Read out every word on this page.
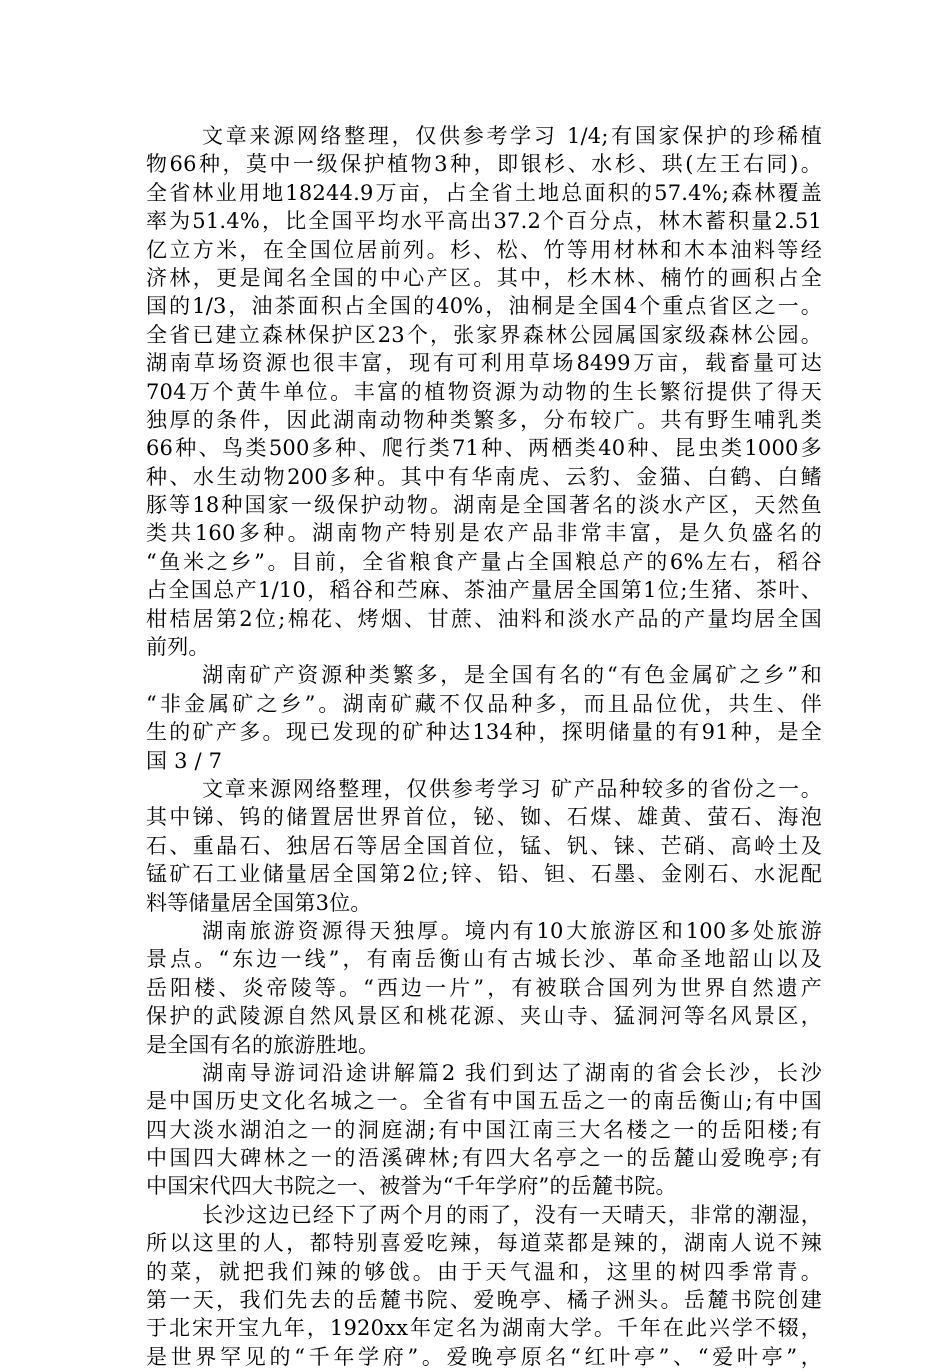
文章来源网络整理，仅供参考学习 1/4;有国家保护的珍稀植
物66种，莫中一级保护植物3种，即银杉、水杉、珙(左王右同)。
全省林业用地18244.9万亩，占全省土地总面积的57.4%;森林覆盖
率为51.4%，比全国平均水平高出37.2个百分点，林木蓄积量2.51
亿立方米，在全国位居前列。杉、松、竹等用材林和木本油料等经
济林，更是闻名全国的中心产区。其中，杉木林、楠竹的画积占全
国的1/3，油茶面积占全国的40%，油桐是全国4个重点省区之一。
全省已建立森林保护区23个，张家界森林公园属国家级森林公园。
湖南草场资源也很丰富，现有可利用草场8499万亩，载畜量可达
704万个黄牛单位。丰富的植物资源为动物的生长繁衍提供了得天
独厚的条件，因此湖南动物种类繁多，分布较广。共有野生哺乳类
66种、鸟类500多种、爬行类71种、两栖类40种、昆虫类1000多
种、水生动物200多种。其中有华南虎、云豹、金猫、白鹤、白鳍
豚等18种国家一级保护动物。湖南是全国著名的淡水产区，天然鱼
类共160多种。湖南物产特别是农产品非常丰富，是久负盛名的
“鱼米之乡”。目前，全省粮食产量占全国粮总产的6%左右，稻谷
占全国总产1/10，稻谷和苎麻、茶油产量居全国第1位;生猪、茶叶、
柑桔居第2位;棉花、烤烟、甘蔗、油料和淡水产品的产量均居全国
前列。
湖南矿产资源种类繁多，是全国有名的“有色金属矿之乡”和
“非金属矿之乡”。湖南矿藏不仅品种多，而且品位优，共生、伴
生的矿产多。现已发现的矿种达134种，探明储量的有91种，是全
国 3 / 7
文章来源网络整理，仅供参考学习 矿产品种较多的省份之一。
其中锑、钨的储置居世界首位，铋、铷、石煤、雄黄、萤石、海泡
石、重晶石、独居石等居全国首位，锰、钒、铼、芒硝、高岭土及
锰矿石工业储量居全国第2位;锌、铅、钽、石墨、金刚石、水泥配
料等储量居全国第3位。
湖南旅游资源得天独厚。境内有10大旅游区和100多处旅游
景点。“东边一线”，有南岳衡山有古城长沙、革命圣地韶山以及
岳阳楼、炎帝陵等。“西边一片”，有被联合国列为世界自然遗产
保护的武陵源自然风景区和桃花源、夹山寺、猛洞河等名风景区，
是全国有名的旅游胜地。
湖南导游词沿途讲解篇2 我们到达了湖南的省会长沙，长沙
是中国历史文化名城之一。全省有中国五岳之一的南岳衡山;有中国
四大淡水湖泊之一的洞庭湖;有中国江南三大名楼之一的岳阳楼;有
中国四大碑林之一的浯溪碑林;有四大名亭之一的岳麓山爱晚亭;有
中国宋代四大书院之一、被誉为“千年学府”的岳麓书院。
长沙这边已经下了两个月的雨了，没有一天晴天，非常的潮湿，
所以这里的人，都特别喜爱吃辣，每道菜都是辣的，湖南人说不辣
的菜，就把我们辣的够戗。由于天气温和，这里的树四季常青。
第一天，我们先去的岳麓书院、爱晚亭、橘子洲头。岳麓书院创建
于北宋开宝九年，1920xx年定名为湖南大学。千年在此兴学不辍，
是世界罕见的“千年学府”。爱晚亭原名“红叶亭”、“爱叶亭”，
